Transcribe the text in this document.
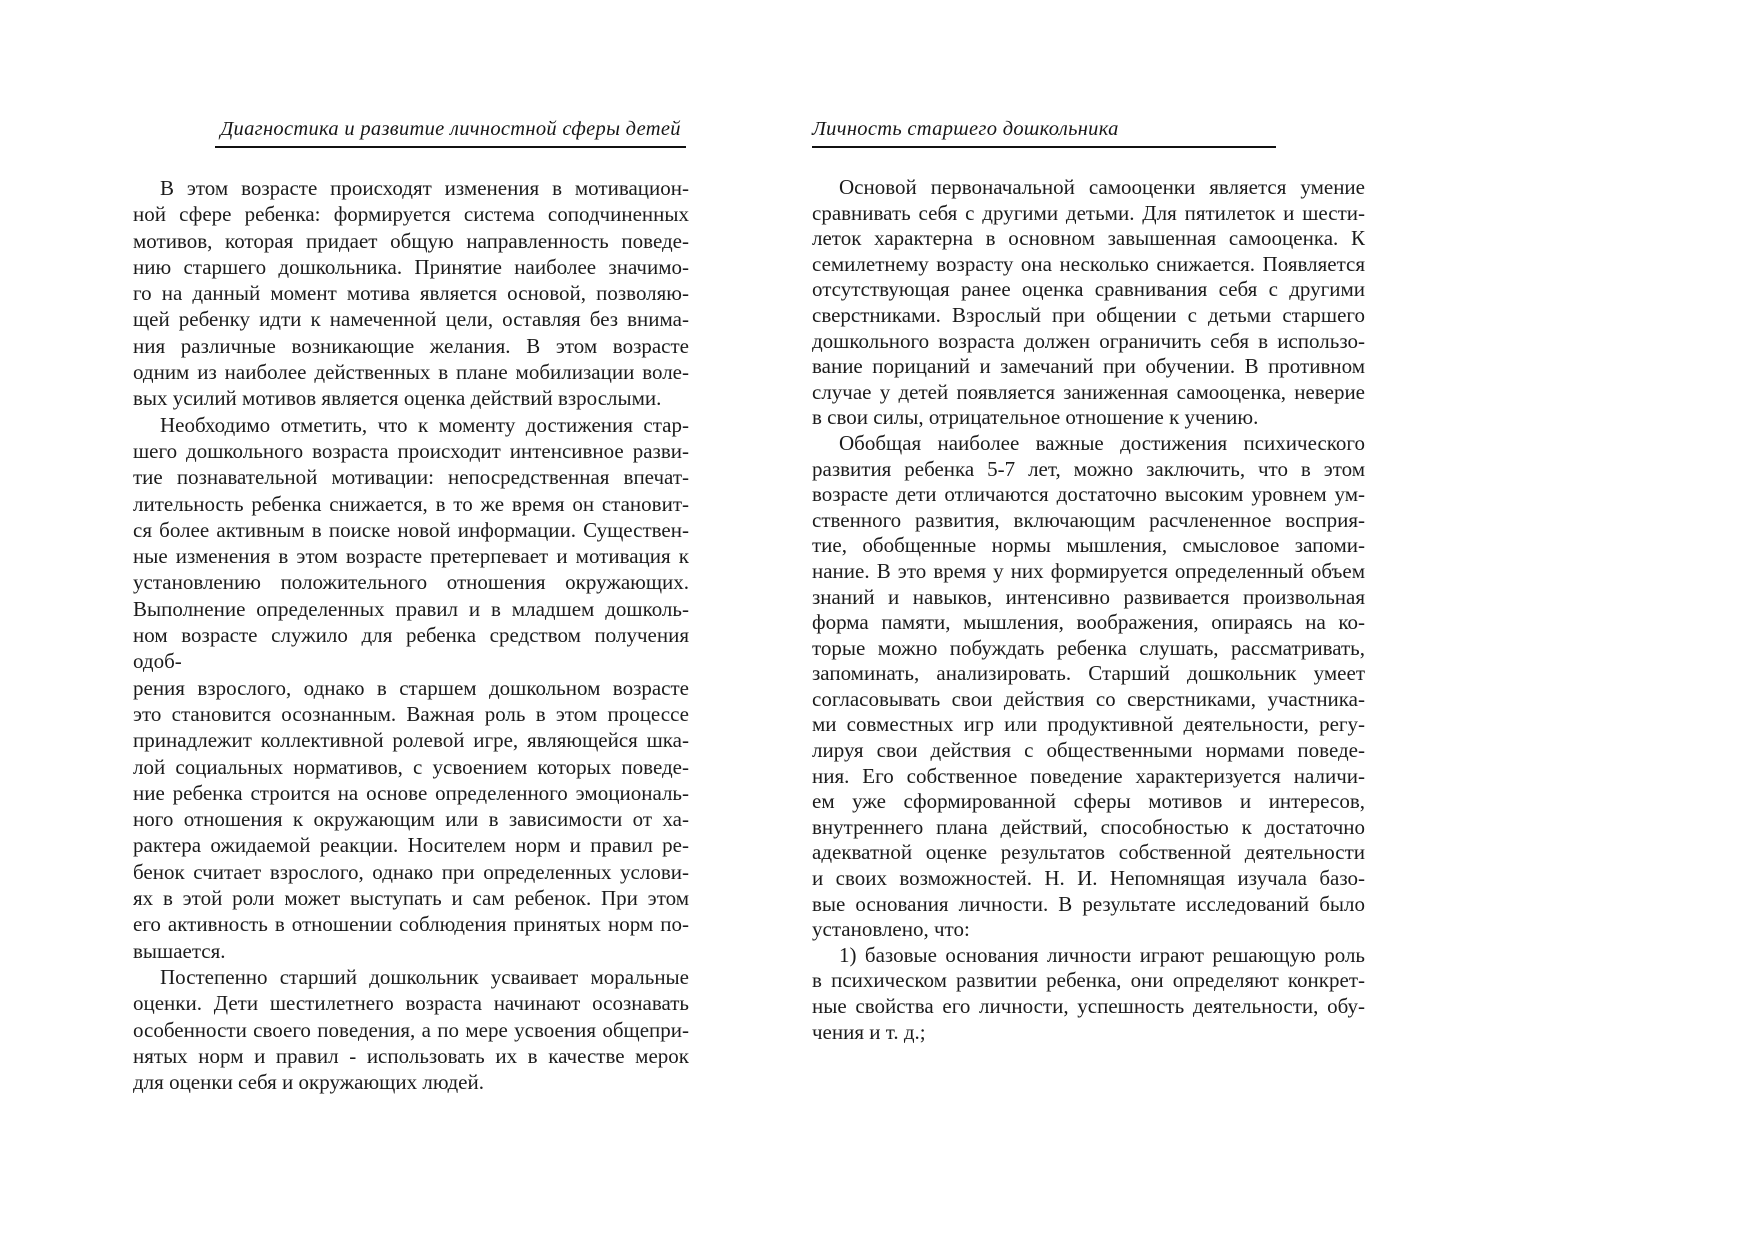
Диагностика и развитие личностной сферы детей
В этом возрасте происходят изменения в мотивацион-
ной сфере ребенка: формируется система соподчиненных
мотивов, которая придает общую направленность поведе-
нию старшего дошкольника. Принятие наиболее значимо-
го на данный момент мотива является основой, позволяю-
щей ребенку идти к намеченной цели, оставляя без внима-
ния различные возникающие желания. В этом возрасте
одним из наиболее действенных в плане мобилизации воле-
вых усилий мотивов является оценка действий взрослыми.
Необходимо отметить, что к моменту достижения стар-
шего дошкольного возраста происходит интенсивное разви-
тие познавательной мотивации: непосредственная впечат-
лительность ребенка снижается, в то же время он становит-
ся более активным в поиске новой информации. Существен-
ные изменения в этом возрасте претерпевает и мотивация к
установлению положительного отношения окружающих.
Выполнение определенных правил и в младшем дошколь-
ном возрасте служило для ребенка средством получения одоб-
рения взрослого, однако в старшем дошкольном возрасте
это становится осознанным. Важная роль в этом процессе
принадлежит коллективной ролевой игре, являющейся шка-
лой социальных нормативов, с усвоением которых поведе-
ние ребенка строится на основе определенного эмоциональ-
ного отношения к окружающим или в зависимости от ха-
рактера ожидаемой реакции. Носителем норм и правил ре-
бенок считает взрослого, однако при определенных услови-
ях в этой роли может выступать и сам ребенок. При этом
его активность в отношении соблюдения принятых норм по-
вышается.
Постепенно старший дошкольник усваивает моральные
оценки. Дети шестилетнего возраста начинают осознавать
особенности своего поведения, а по мере усвоения общепри-
нятых норм и правил - использовать их в качестве мерок
для оценки себя и окружающих людей.
Личность старшего дошкольника
Основой первоначальной самооценки является умение
сравнивать себя с другими детьми. Для пятилеток и шести-
леток характерна в основном завышенная самооценка. К
семилетнему возрасту она несколько снижается. Появляется
отсутствующая ранее оценка сравнивания себя с другими
сверстниками. Взрослый при общении с детьми старшего
дошкольного возраста должен ограничить себя в использо-
вание порицаний и замечаний при обучении. В противном
случае у детей появляется заниженная самооценка, неверие
в свои силы, отрицательное отношение к учению.
Обобщая наиболее важные достижения психического
развития ребенка 5-7 лет, можно заключить, что в этом
возрасте дети отличаются достаточно высоким уровнем ум-
ственного развития, включающим расчлененное восприя-
тие, обобщенные нормы мышления, смысловое запоми-
нание. В это время у них формируется определенный объем
знаний и навыков, интенсивно развивается произвольная
форма памяти, мышления, воображения, опираясь на ко-
торые можно побуждать ребенка слушать, рассматривать,
запоминать, анализировать. Старший дошкольник умеет
согласовывать свои действия со сверстниками, участника-
ми совместных игр или продуктивной деятельности, регу-
лируя свои действия с общественными нормами поведе-
ния. Его собственное поведение характеризуется наличи-
ем уже сформированной сферы мотивов и интересов,
внутреннего плана действий, способностью к достаточно
адекватной оценке результатов собственной деятельности
и своих возможностей. Н. И. Непомнящая изучала базо-
вые основания личности. В результате исследований было
установлено, что:
1) базовые основания личности играют решающую роль
в психическом развитии ребенка, они определяют конкрет-
ные свойства его личности, успешность деятельности, обу-
чения и т. д.;
